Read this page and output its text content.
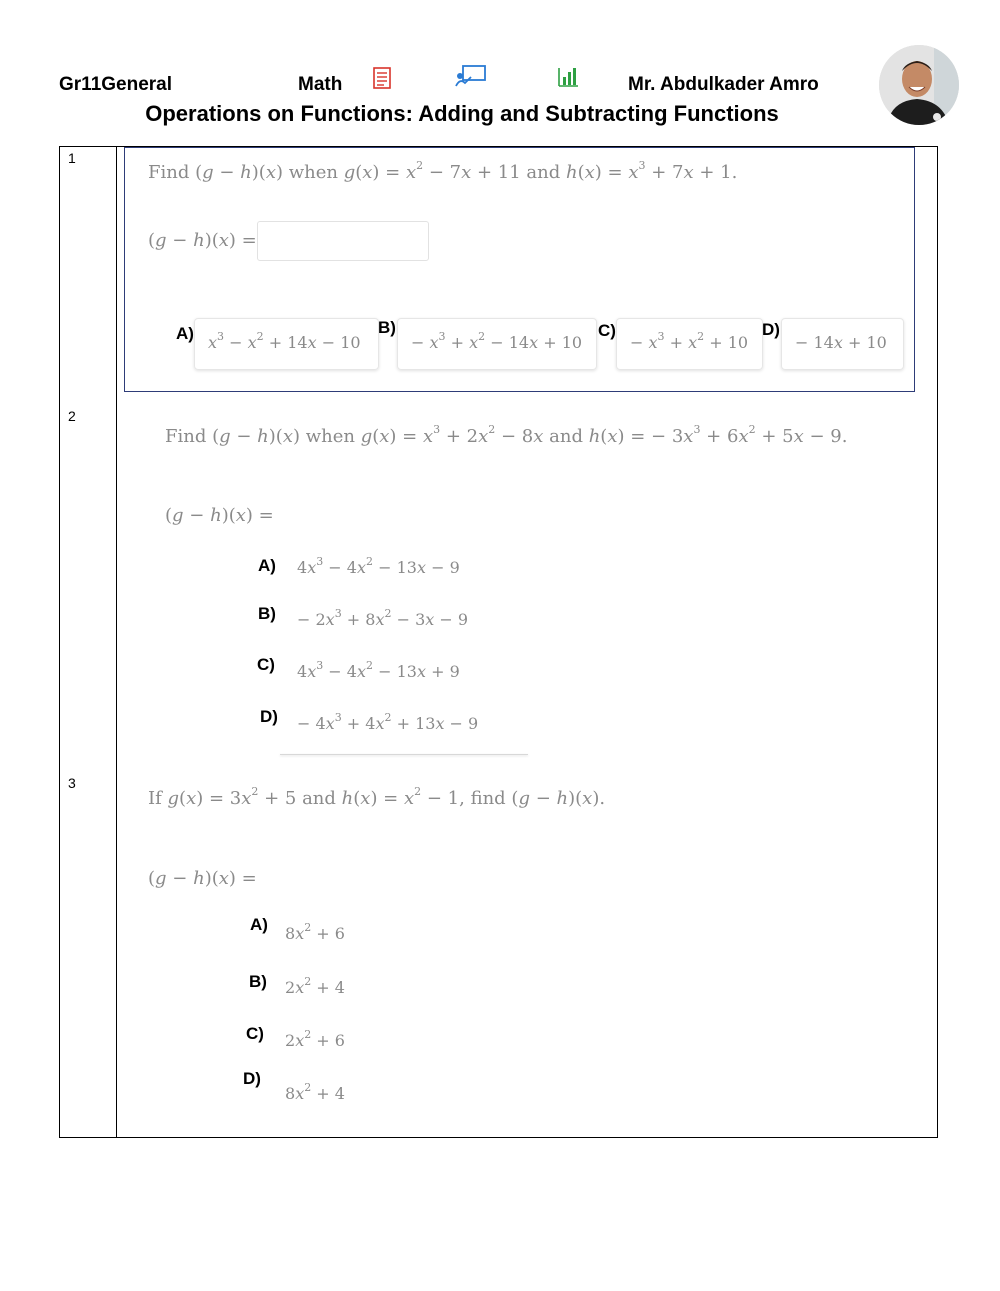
Gr11General	Math	Mr. Abdulkader Amro
Operations on Functions: Adding and Subtracting Functions
1
Find (g − h)(x) when $g(x) = x^2 - 7x + 11$ and $h(x) = x^3 + 7x + 1$.
(g − h)(x) =
A) $x^3 - x^2 + 14x - 10$
B)
− $x^3 + x^2 - 14x + 10$
C)
− $x^3 + x^2 + 10$
D)
− 14x + 10
2
Find (g − h)(x) when $g(x) = x^3 + 2x^2 - 8x$ and h(x) = − $3x^3 + 6x^2 + 5x - 9$.
(g − h)(x) =
A) $4x^3 - 4x^2 - 13x - 9$
$B) - 2x^3 + 8x^2 - 3x - 9$
C) $4x^3 - 4x^2 - 13x + 9$
$D) - 4x^3 + 4x^2 + 13x - 9$
3
If $g(x) = 3x^2 + 5$ and $h(x) = x^2 - 1$, find (g − h)(x).
(g − h)(x) =
A) $8x^2 + 6$
B) $2x^2 + 4$
C) $2x^2 + 6$
D)
$8x^2 + 4$
